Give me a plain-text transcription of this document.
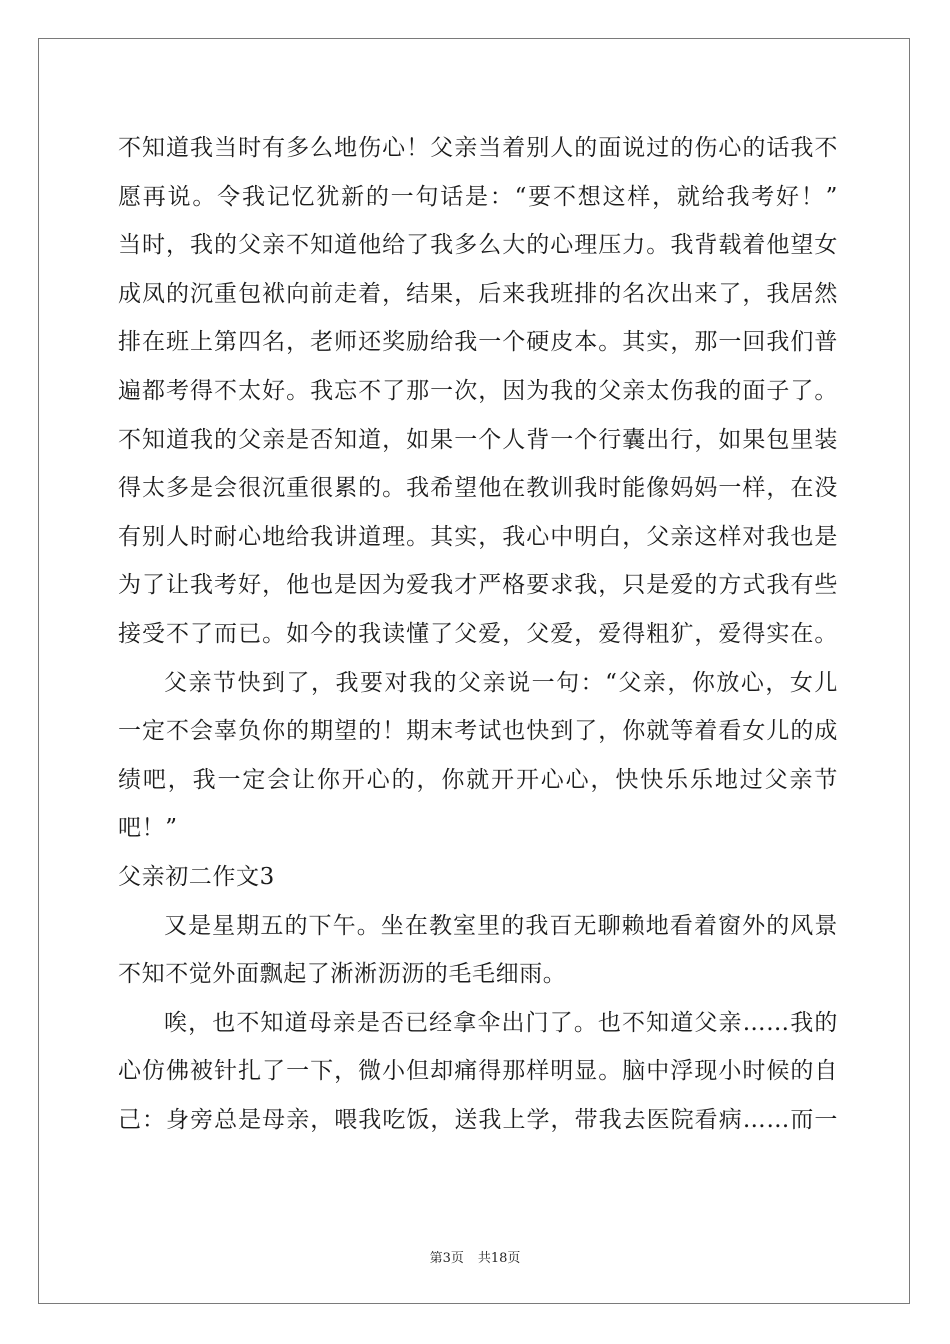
不知道我当时有多么地伤心！父亲当着别人的面说过的伤心的话我不
愿再说。令我记忆犹新的一句话是：“要不想这样，就给我考好！”
当时，我的父亲不知道他给了我多么大的心理压力。我背载着他望女
成凤的沉重包袱向前走着，结果，后来我班排的名次出来了，我居然
排在班上第四名，老师还奖励给我一个硬皮本。其实，那一回我们普
遍都考得不太好。我忘不了那一次，因为我的父亲太伤我的面子了。
不知道我的父亲是否知道，如果一个人背一个行囊出行，如果包里装
得太多是会很沉重很累的。我希望他在教训我时能像妈妈一样，在没
有别人时耐心地给我讲道理。其实，我心中明白，父亲这样对我也是
为了让我考好，他也是因为爱我才严格要求我，只是爱的方式我有些
接受不了而已。如今的我读懂了父爱，父爱，爱得粗犷，爱得实在。
父亲节快到了，我要对我的父亲说一句：“父亲，你放心，女儿
一定不会辜负你的期望的！期末考试也快到了，你就等着看女儿的成
绩吧，我一定会让你开心的，你就开开心心，快快乐乐地过父亲节
吧！”
父亲初二作文3
又是星期五的下午。坐在教室里的我百无聊赖地看着窗外的风景
不知不觉外面飘起了淅淅沥沥的毛毛细雨。
唉，也不知道母亲是否已经拿伞出门了。也不知道父亲……我的
心仿佛被针扎了一下，微小但却痛得那样明显。脑中浮现小时候的自
己：身旁总是母亲，喂我吃饭，送我上学，带我去医院看病……而一
第3页 共18页
